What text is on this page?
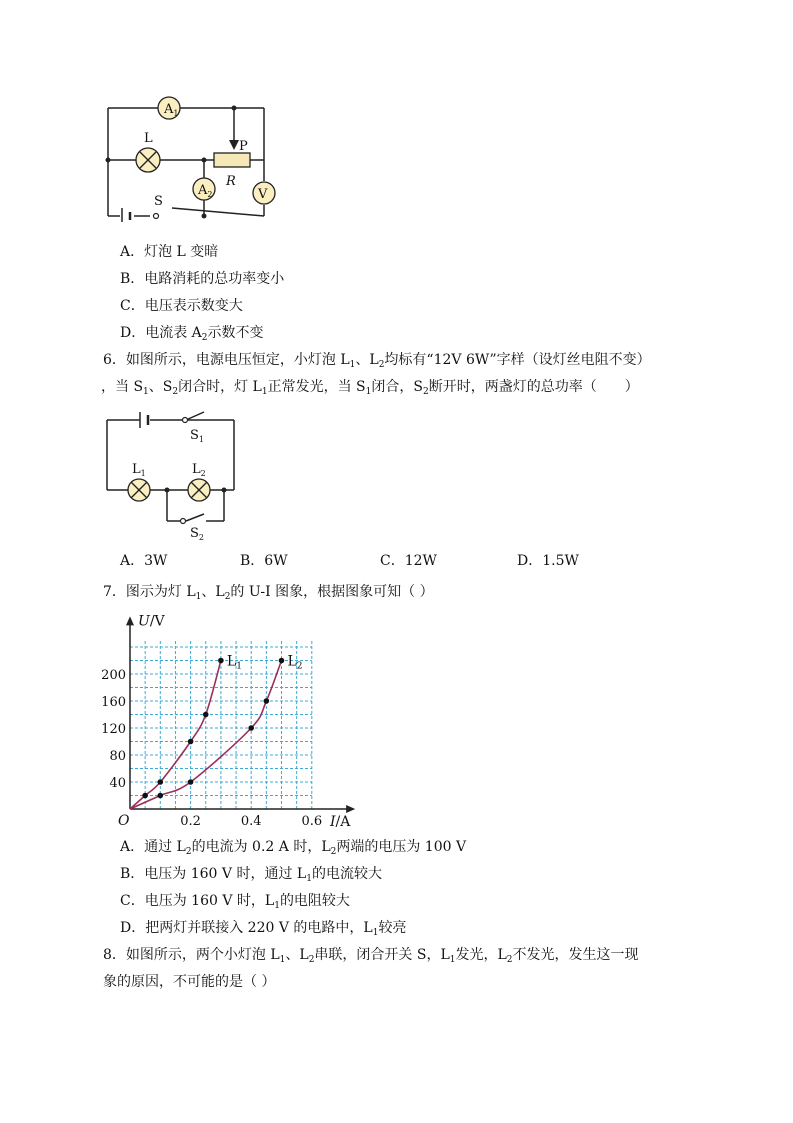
$A_1$
L
P
R
$A_2$	V
S
A．灯泡 L 变暗
B．电路消耗的总功率变小
C．电压表示数变大
D．电流表 $A_2$示数不变
6．如图所示，电源电压恒定，小灯泡 $L_1$、$L_2$均标有“12V 6W”字样（设灯丝电阻不变）
，当 $S_1$、$S_2$闭合时，灯 $L_1$正常发光，当 $S_1$闭合，$S_2$断开时，两盏灯的总功率（　　）
$S_1$
$L_1$	$L_2$
$S_2$
A．3W	B．6W	C．12W	D．1.5W
7．图示为灯 $L_1$、$L_2$的 U-I 图象，根据图象可知（ ）
40
80
120
160
200
0.2	0.4	0.6
O
U/V
I/A
$L_1$	$L_2$
A．通过 $L_2$的电流为 0.2 A 时，$L_2$两端的电压为 100 V
B．电压为 160 V 时，通过 $L_1$的电流较大
C．电压为 160 V 时，$L_1$的电阻较大
D．把两灯并联接入 220 V 的电路中，$L_1$较亮
8．如图所示，两个小灯泡 $L_1$、$L_2$串联，闭合开关 S，$L_1$发光，$L_2$不发光，发生这一现
象的原因，不可能的是（ ）
